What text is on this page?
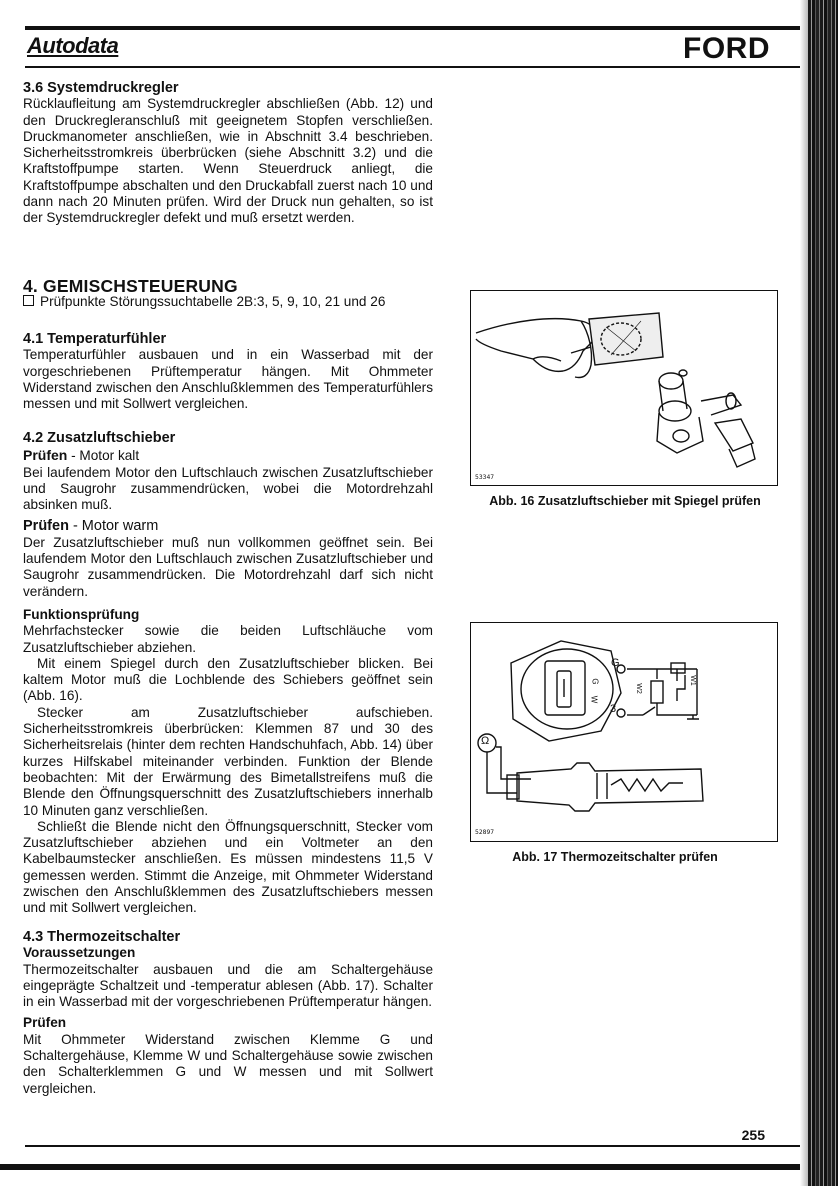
Autodata	FORD
3.6 Systemdruckregler

Rücklaufleitung am Systemdruckregler abschließen (Abb. 12) und den Druckregleranschluß mit geeignetem Stopfen verschließen. Druckmanometer anschließen, wie in Abschnitt 3.4 beschrieben. Sicherheitsstromkreis überbrücken (siehe Abschnitt 3.2) und die Kraftstoffpumpe starten. Wenn Steuerdruck anliegt, die Kraftstoffpumpe abschalten und den Druckabfall zuerst nach 10 und dann nach 20 Minuten prüfen. Wird der Druck nun gehalten, so ist der Systemdruckregler defekt und muß ersetzt werden.

4. GEMISCHSTEUERUNG

Prüfpunkte Störungssuchtabelle 2B:3, 5, 9, 10, 21 und 26

4.1 Temperaturfühler

Temperaturfühler ausbauen und in ein Wasserbad mit der vorgeschriebenen Prüftemperatur hängen. Mit Ohmmeter Widerstand zwischen den Anschlußklemmen des Temperaturfühlers messen und mit Sollwert vergleichen.

4.2 Zusatzluftschieber

Prüfen - Motor kalt

Bei laufendem Motor den Luftschlauch zwischen Zusatzluftschieber und Saugrohr zusammendrücken, wobei die Motordrehzahl absinken muß.

Prüfen - Motor warm

Der Zusatzluftschieber muß nun vollkommen geöffnet sein. Bei laufendem Motor den Luftschlauch zwischen Zusatzluftschieber und Saugrohr zusammendrücken. Die Motordrehzahl darf sich nicht verändern.

Funktionsprüfung

Mehrfachstecker sowie die beiden Luftschläuche vom Zusatzluftschieber abziehen.

Mit einem Spiegel durch den Zusatzluftschieber blicken. Bei kaltem Motor muß die Lochblende des Schiebers geöffnet sein (Abb. 16).

Stecker am Zusatzluftschieber aufschieben. Sicherheitsstromkreis überbrücken: Klemmen 87 und 30 des Sicherheitsrelais (hinter dem rechten Handschuhfach, Abb. 14) über kurzes Hilfskabel miteinander verbinden. Funktion der Blende beobachten: Mit der Erwärmung des Bimetallstreifens muß die Blende den Öffnungsquerschnitt des Zusatzluftschiebers innerhalb 10 Minuten ganz verschließen.

Schließt die Blende nicht den Öffnungsquerschnitt, Stecker vom Zusatzluftschieber abziehen und ein Voltmeter an den Kabelbaumstecker anschließen. Es müssen mindestens 11,5 V gemessen werden. Stimmt die Anzeige, mit Ohmmeter Widerstand zwischen den Anschlußklemmen des Zusatzluftschiebers messen und mit Sollwert vergleichen.

4.3 Thermozeitschalter
Voraussetzungen

Thermozeitschalter ausbauen und die am Schaltergehäuse eingeprägte Schaltzeit und -temperatur ablesen (Abb. 17). Schalter in ein Wasserbad mit der vorgeschriebenen Prüftemperatur hängen.

Prüfen

Mit Ohmmeter Widerstand zwischen Klemme G und Schaltergehäuse, Klemme W und Schaltergehäuse sowie zwischen den Schalterklemmen G und W messen und mit Sollwert vergleichen.

53347
Abb. 16 Zusatzluftschieber mit Spiegel prüfen
G
3
G
W
W2
W1
Ω
52897
Abb. 17 Thermozeitschalter prüfen
255
